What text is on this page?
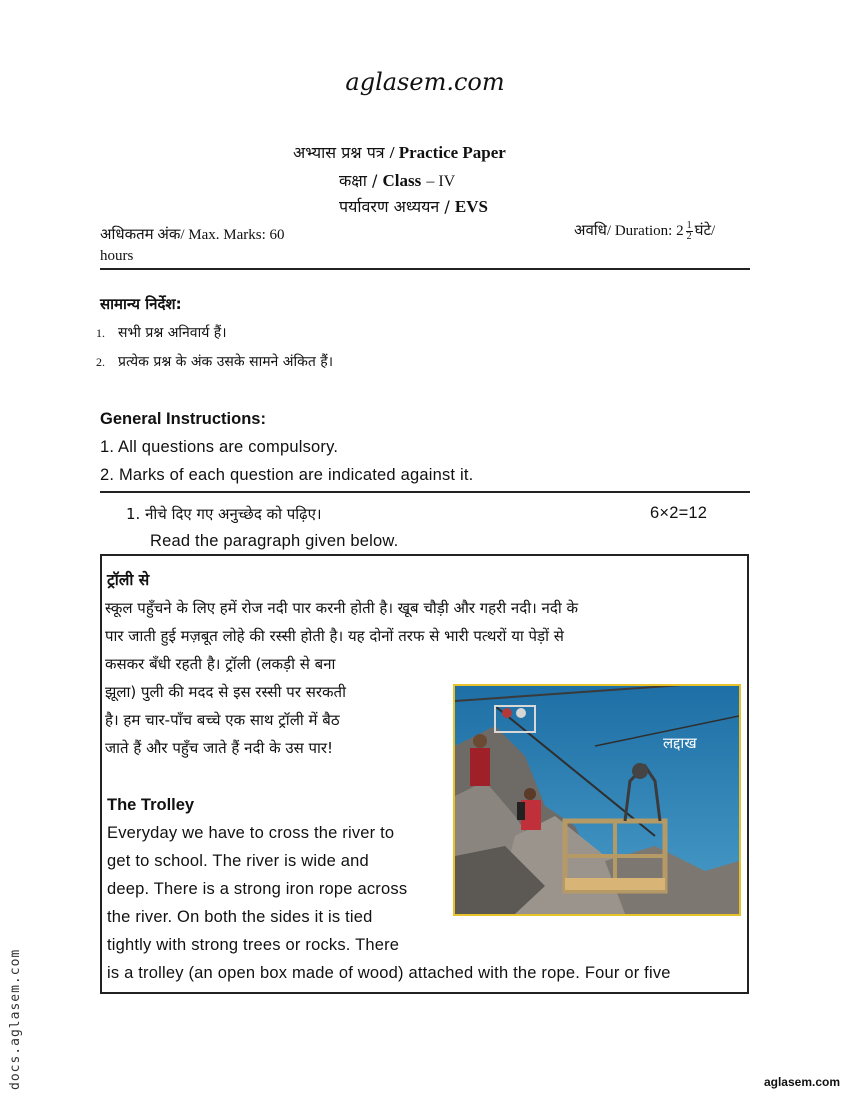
aglasem.com
अभ्यास प्रश्न पत्र / Practice Paper
कक्षा / Class – IV
पर्यावरण अध्ययन / EVS
अधिकतम अंक/ Max. Marks: 60	अवधि/ Duration: $2 \frac{1}{2}$ घंटे/
hours
सामान्य निर्देश:
1. सभी प्रश्न अनिवार्य हैं।
2. प्रत्येक प्रश्न के अंक उसके सामने अंकित हैं।
General Instructions:
1. All questions are compulsory.
2. Marks of each question are indicated against it.
1. नीचे दिए गए अनुच्छेद को पढ़िए।	6×2=12
Read the paragraph given below.
ट्रॉली से
स्कूल पहुँचने के लिए हमें रोज नदी पार करनी होती है। खूब चौड़ी और गहरी नदी। नदी के
पार जाती हुई मज़बूत लोहे की रस्सी होती है। यह दोनों तरफ से भारी पत्थरों या पेड़ों से
कसकर बँधी रहती है। ट्रॉली (लकड़ी से बना
झूला) पुली की मदद से इस रस्सी पर सरकती
है। हम चार-पाँच बच्चे एक साथ ट्रॉली में बैठ
जाते हैं और पहुँच जाते हैं नदी के उस पार!
The Trolley
Everyday we have to cross the river to
get to school. The river is wide and
deep. There is a strong iron rope across
the river. On both the sides it is tied
tightly with strong trees or rocks. There
is a trolley (an open box made of wood) attached with the rope. Four or five
लद्दाख
docs.aglasem.com	aglasem.com
